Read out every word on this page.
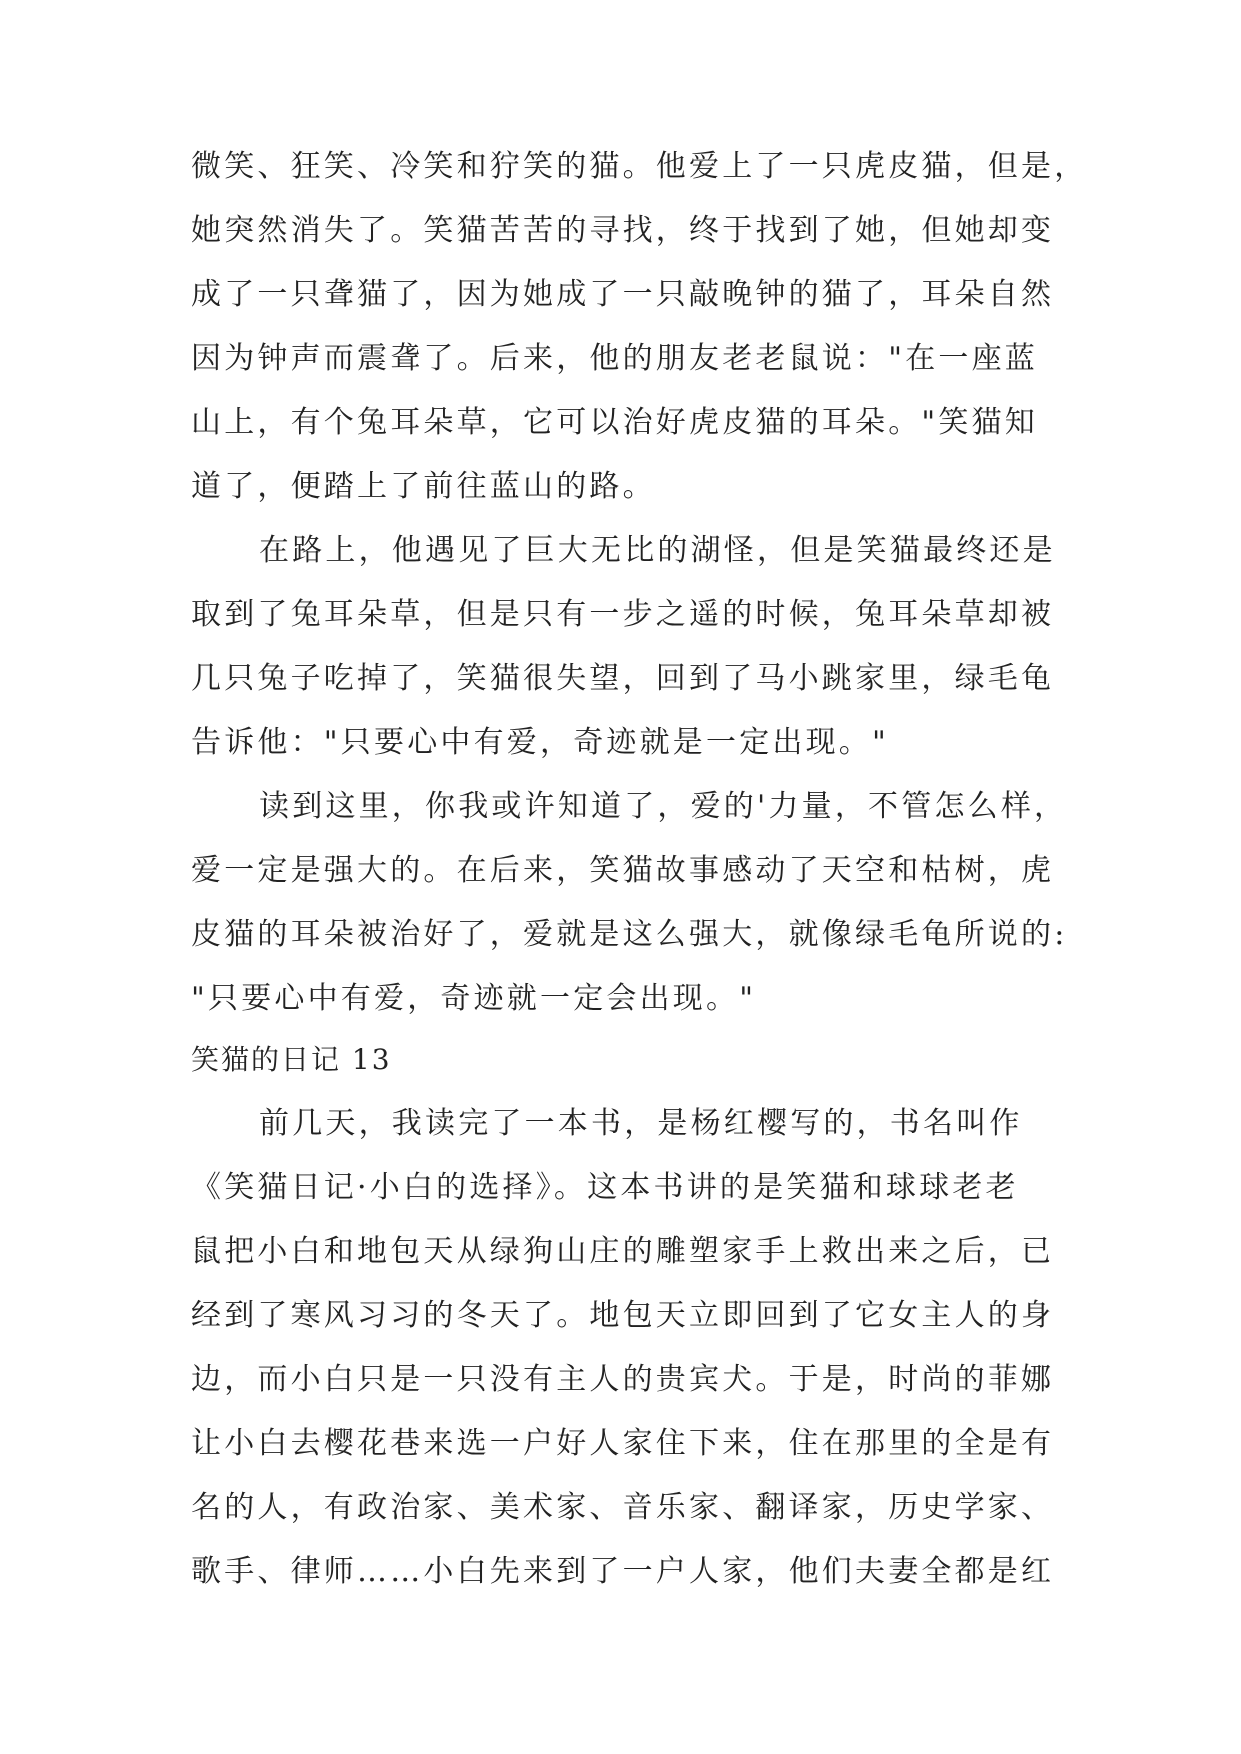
微笑、狂笑、冷笑和狞笑的猫。他爱上了一只虎皮猫，但是，
她突然消失了。笑猫苦苦的寻找，终于找到了她，但她却变
成了一只聋猫了，因为她成了一只敲晚钟的猫了，耳朵自然
因为钟声而震聋了。后来，他的朋友老老鼠说："在一座蓝
山上，有个兔耳朵草，它可以治好虎皮猫的耳朵。"笑猫知
道了，便踏上了前往蓝山的路。
在路上，他遇见了巨大无比的湖怪，但是笑猫最终还是
取到了兔耳朵草，但是只有一步之遥的时候，兔耳朵草却被
几只兔子吃掉了，笑猫很失望，回到了马小跳家里，绿毛龟
告诉他："只要心中有爱，奇迹就是一定出现。"
读到这里，你我或许知道了，爱的'力量，不管怎么样，
爱一定是强大的。在后来，笑猫故事感动了天空和枯树，虎
皮猫的耳朵被治好了，爱就是这么强大，就像绿毛龟所说的:
"只要心中有爱，奇迹就一定会出现。"
笑猫的日记 13
前几天，我读完了一本书，是杨红樱写的，书名叫作
《笑猫日记·小白的选择》。这本书讲的是笑猫和球球老老
鼠把小白和地包天从绿狗山庄的雕塑家手上救出来之后，已
经到了寒风习习的冬天了。地包天立即回到了它女主人的身
边，而小白只是一只没有主人的贵宾犬。于是，时尚的菲娜
让小白去樱花巷来选一户好人家住下来，住在那里的全是有
名的人，有政治家、美术家、音乐家、翻译家，历史学家、
歌手、律师……小白先来到了一户人家，他们夫妻全都是红
